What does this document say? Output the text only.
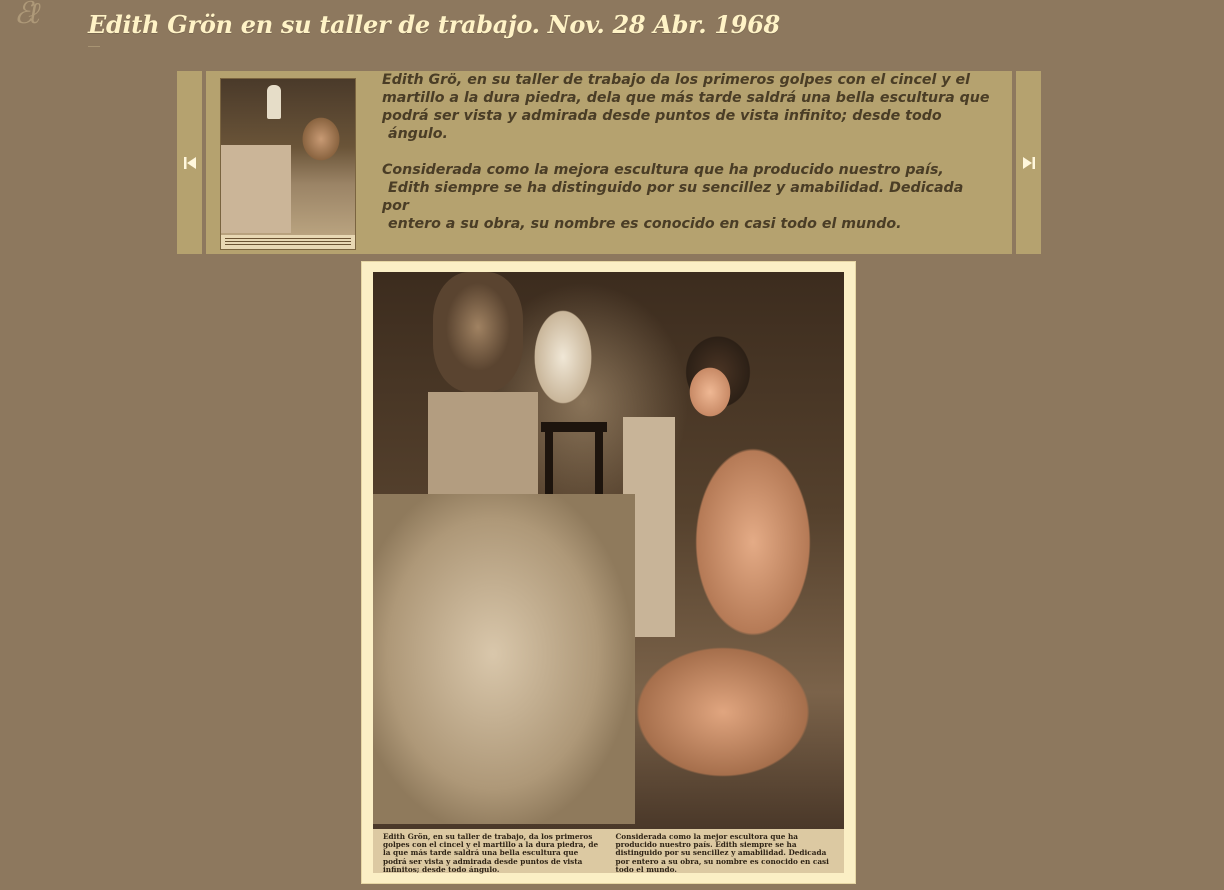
ℰℓ	Edith Grön en su taller de trabajo. Nov. 28 Abr. 1968

Edith Grö, en su taller de trabajo da los primeros golpes con el cincel y el
martillo a la dura piedra, dela que más tarde saldrá una bella escultura que
podrá ser vista y admirada desde puntos de vista infinito; desde todo
ángulo.

Considerada como la mejora escultura que ha producido nuestro país,
Edith siempre se ha distinguido por su sencillez y amabilidad. Dedicada por
entero a su obra, su nombre es conocido en casi todo el mundo.

Edith Grön, en su taller de trabajo, da los primeros golpes con el cincel y el martillo a la dura piedra, de la que más tarde saldrá una bella escultura que podrá ser vista y admirada desde puntos de vista infinitos; desde todo ángulo.
Considerada como la mejor escultora que ha producido nuestro país. Edith siempre se ha distinguido por su sencillez y amabilidad. Dedicada por entero a su obra, su nombre es conocido en casi todo el mundo.
